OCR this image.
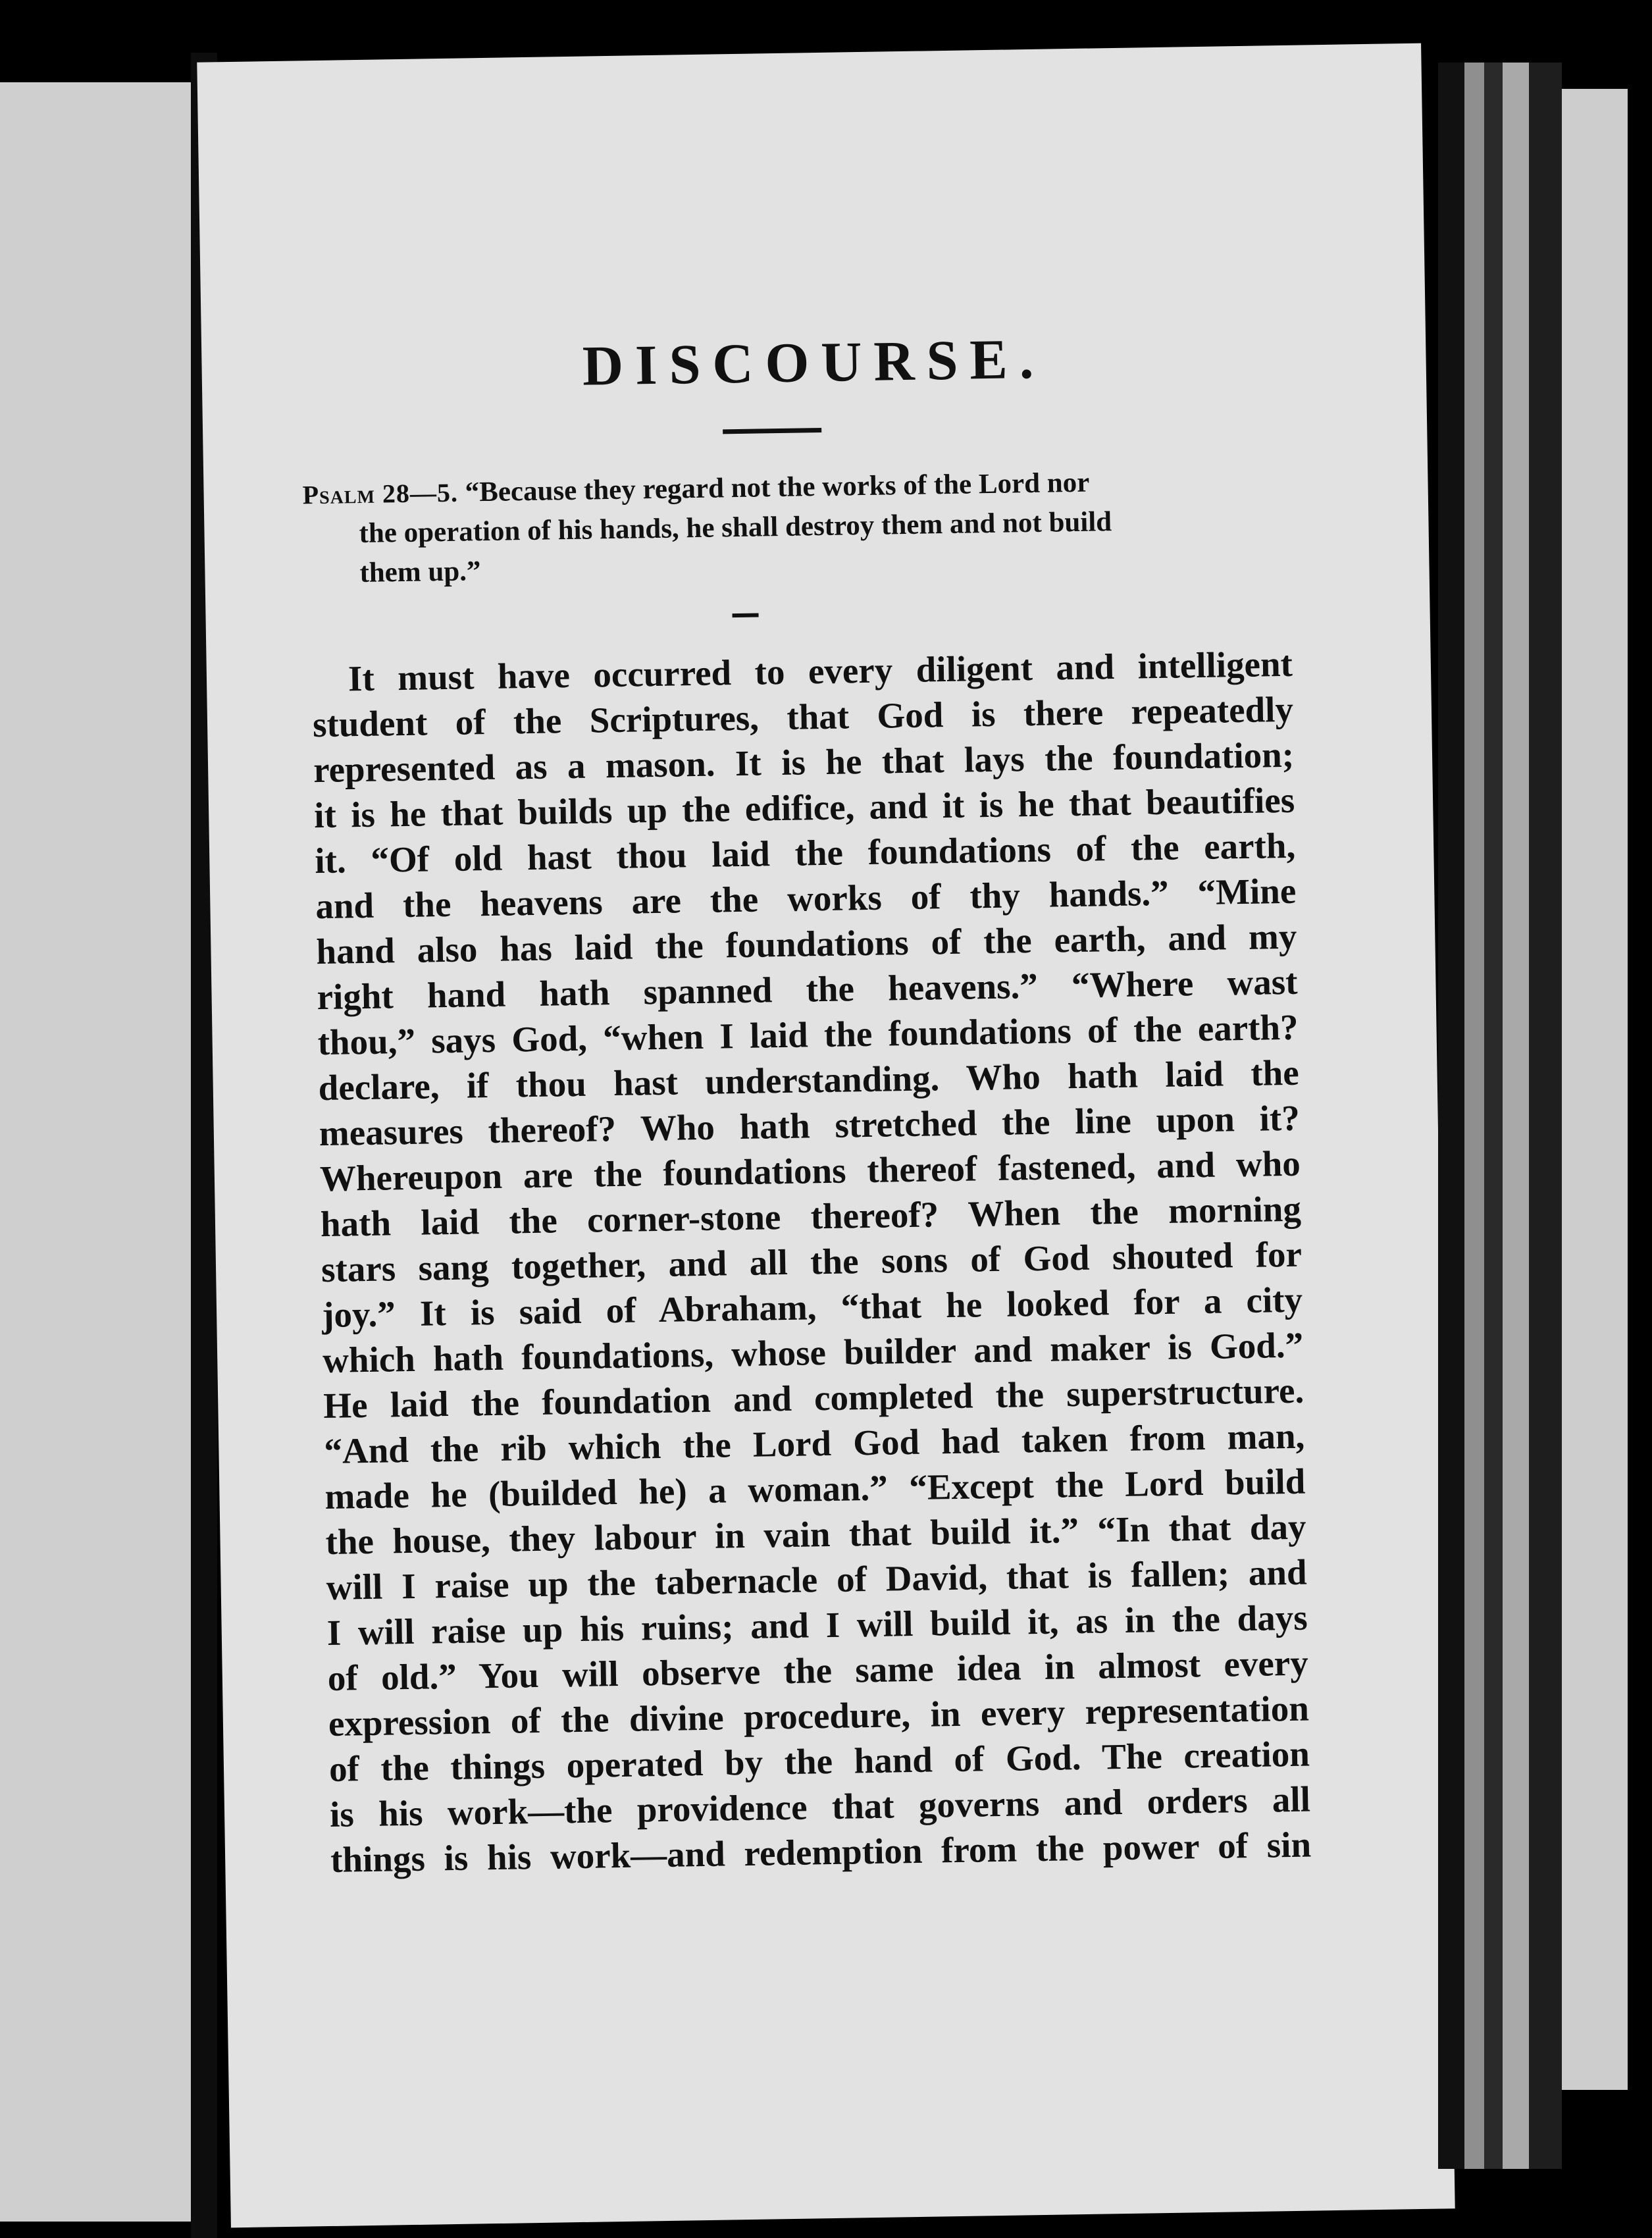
DISCOURSE.
Psalm 28—5. “Because they regard not the works of the Lord nor
the operation of his hands, he shall destroy them and not build
them up.”
It must have occurred to every diligent and intelligent
student of the Scriptures, that God is there repeatedly
represented as a mason. It is he that lays the foundation;
it is he that builds up the edifice, and it is he that beautifies
it. “Of old hast thou laid the foundations of the earth,
and the heavens are the works of thy hands.” “Mine
hand also has laid the foundations of the earth, and my
right hand hath spanned the heavens.” “Where wast
thou,” says God, “when I laid the foundations of the earth?
declare, if thou hast understanding. Who hath laid the
measures thereof? Who hath stretched the line upon it?
Whereupon are the foundations thereof fastened, and who
hath laid the corner-stone thereof? When the morning
stars sang together, and all the sons of God shouted for
joy.” It is said of Abraham, “that he looked for a city
which hath foundations, whose builder and maker is God.”
He laid the foundation and completed the superstructure.
“And the rib which the Lord God had taken from man,
made he (builded he) a woman.” “Except the Lord build
the house, they labour in vain that build it.” “In that day
will I raise up the tabernacle of David, that is fallen; and
I will raise up his ruins; and I will build it, as in the days
of old.” You will observe the same idea in almost every
expression of the divine procedure, in every representation
of the things operated by the hand of God. The creation
is his work—the providence that governs and orders all
things is his work—and redemption from the power of sin
